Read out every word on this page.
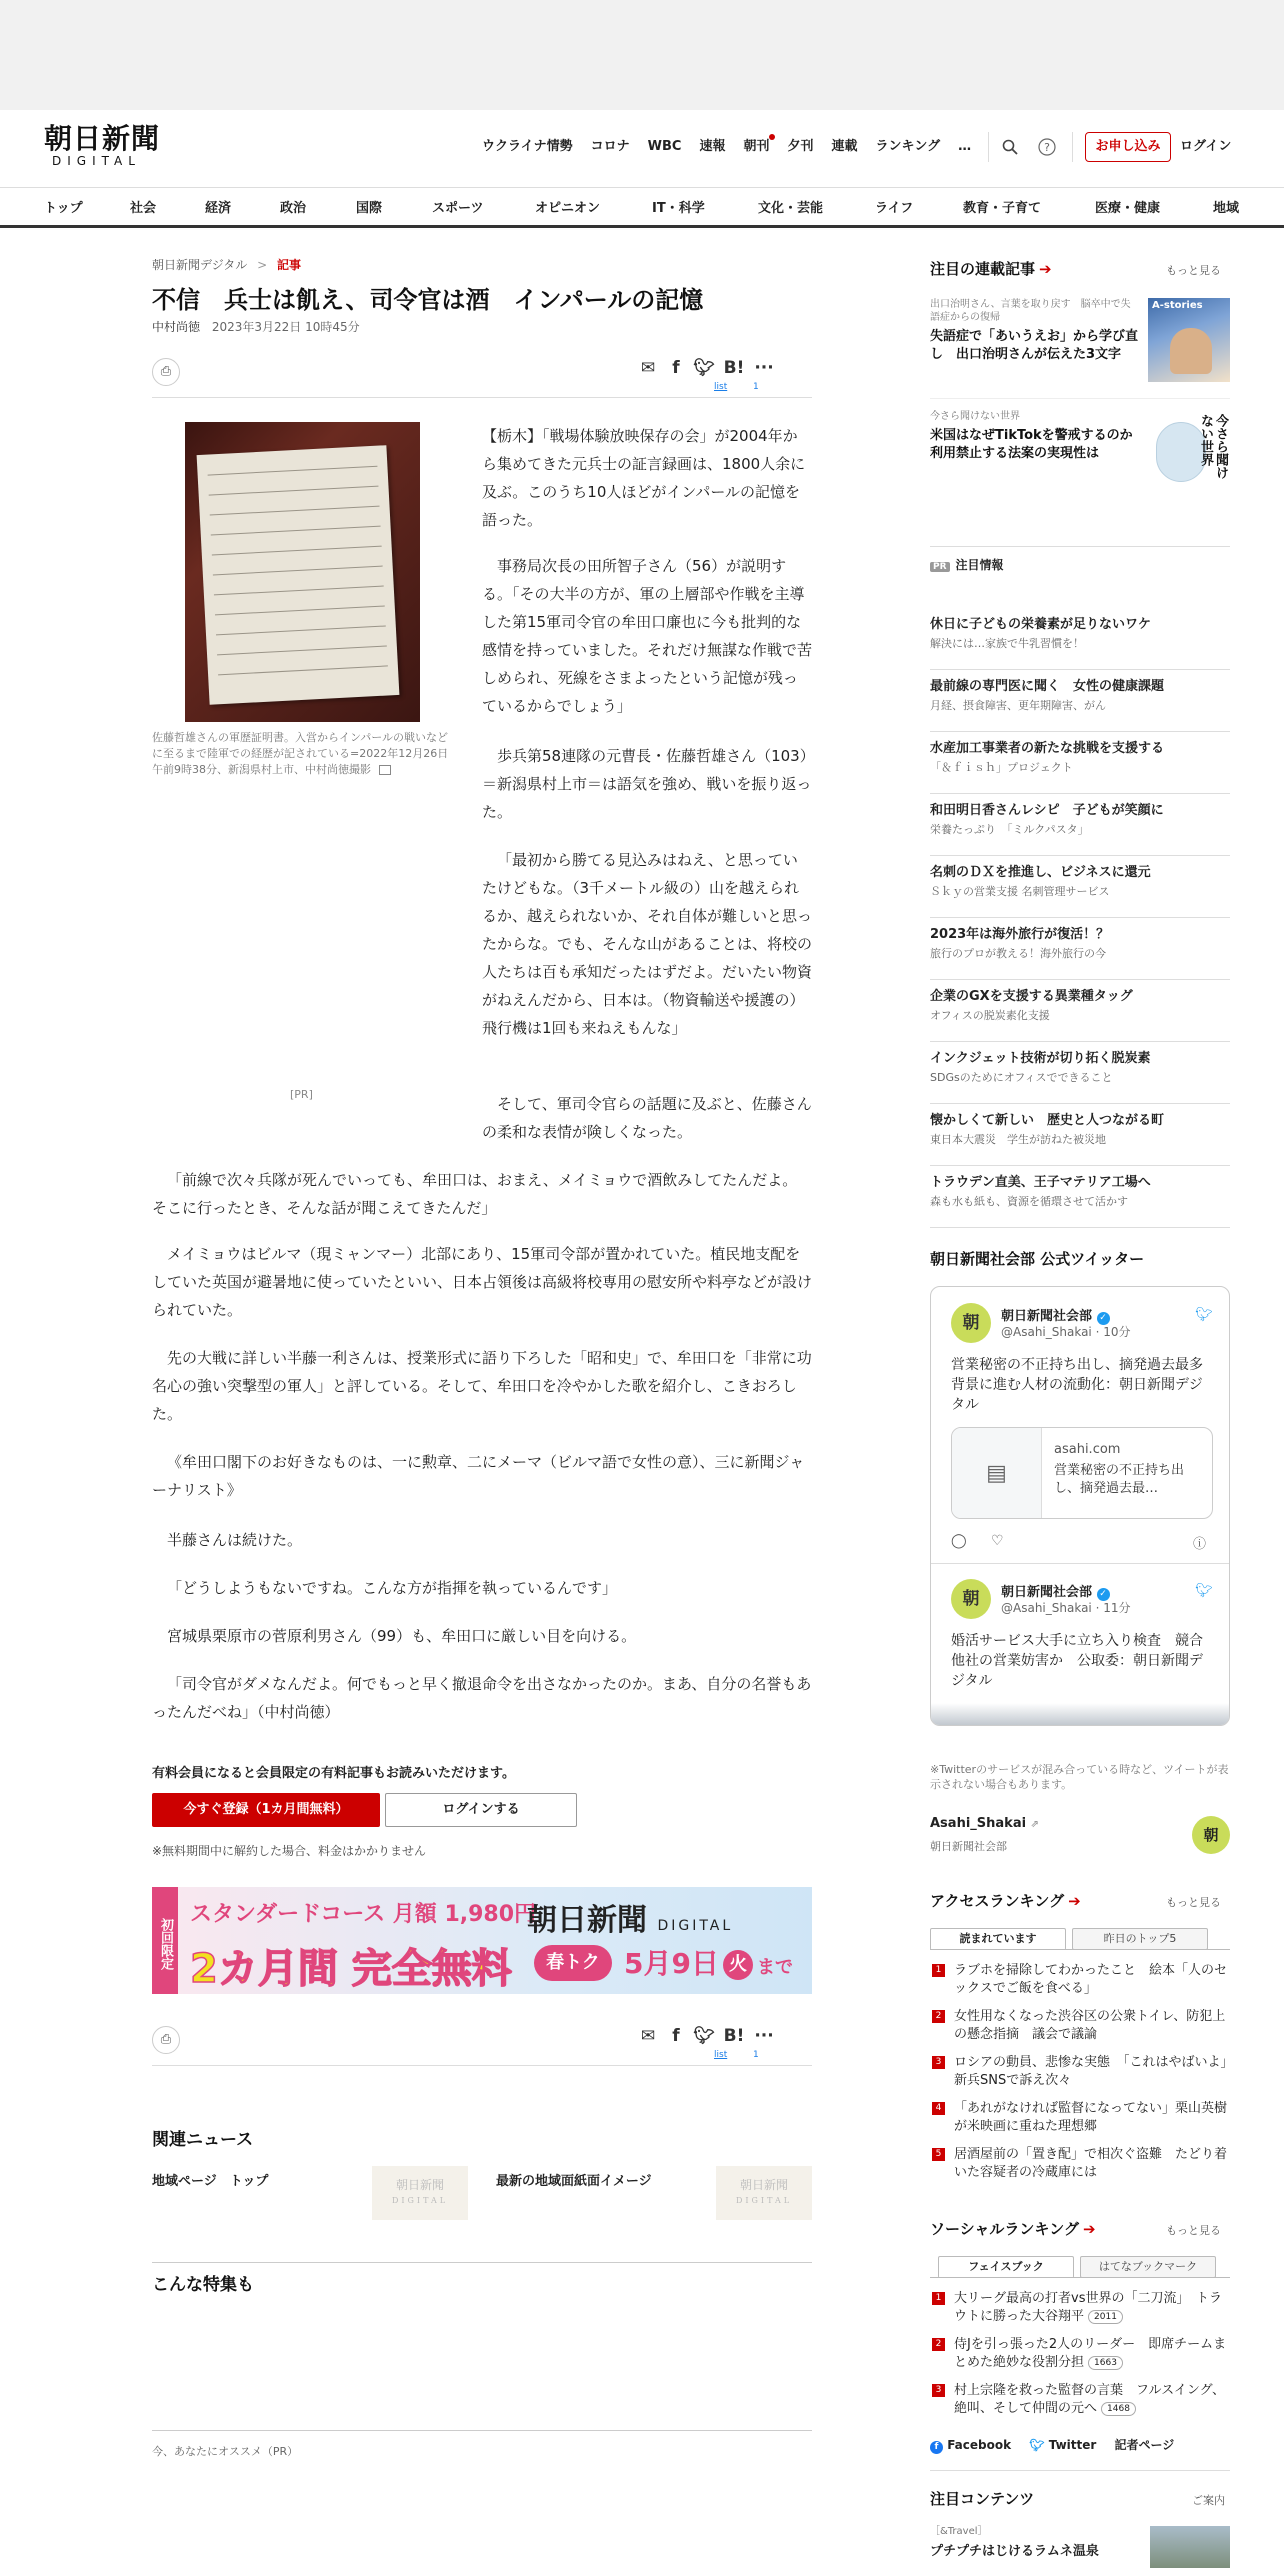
朝日新聞
DIGITAL
ウクライナ情勢 コロナ WBC 速報 朝刊 夕刊 連載 ランキング …	?	お申し込み	ログイン
トップ	社会	経済	政治	国際	スポーツ	オピニオン	IT・科学	文化・芸能	ライフ	教育・子育て	医療・健康	地域
朝日新聞デジタル > 記事
不信　兵士は飢え、司令官は酒　インパールの記憶
中村尚徳 2023年3月22日 10時45分
⎙	✉	f 🐦︎ B! ···
list	1
佐藤哲雄さんの軍歴証明書。入営からインパールの戦いなどに至るまで陸軍での経歴が記されている=2022年12月26日午前9時38分、新潟県村上市、中村尚徳撮影
[PR]

【栃木】「戦場体験放映保存の会」が2004年から集めてきた元兵士の証言録画は、1800人余に及ぶ。このうち10人ほどがインパールの記憶を語った。

事務局次長の田所智子さん（56）が説明する。「その大半の方が、軍の上層部や作戦を主導した第15軍司令官の牟田口廉也に今も批判的な感情を持っていました。それだけ無謀な作戦で苦しめられ、死線をさまよったという記憶が残っているからでしょう」

歩兵第58連隊の元曹長・佐藤哲雄さん（103）＝新潟県村上市＝は語気を強め、戦いを振り返った。

「最初から勝てる見込みはねえ、と思っていたけどもな。（3千メートル級の）山を越えられるか、越えられないか、それ自体が難しいと思ったからな。でも、そんな山があることは、将校の人たちは百も承知だったはずだよ。だいたい物資がねえんだから、日本は。（物資輸送や援護の）飛行機は1回も来ねえもんな」

そして、軍司令官らの話題に及ぶと、佐藤さんの柔和な表情が険しくなった。

「前線で次々兵隊が死んでいっても、牟田口は、おまえ、メイミョウで酒飲みしてたんだよ。そこに行ったとき、そんな話が聞こえてきたんだ」

メイミョウはビルマ（現ミャンマー）北部にあり、15軍司令部が置かれていた。植民地支配をしていた英国が避暑地に使っていたといい、日本占領後は高級将校専用の慰安所や料亭などが設けられていた。

先の大戦に詳しい半藤一利さんは、授業形式に語り下ろした「昭和史」で、牟田口を「非常に功名心の強い突撃型の軍人」と評している。そして、牟田口を冷やかした歌を紹介し、こきおろした。

《牟田口閣下のお好きなものは、一に勲章、二にメーマ（ビルマ語で女性の意）、三に新聞ジャーナリスト》

半藤さんは続けた。

「どうしようもないですね。こんな方が指揮を執っているんです」

宮城県栗原市の菅原利男さん（99）も、牟田口に厳しい目を向ける。

「司令官がダメなんだよ。何でもっと早く撤退命令を出さなかったのか。まあ、自分の名誉もあったんだべね」（中村尚徳）

有料会員になると会員限定の有料記事もお読みいただけます。
今すぐ登録（1カ月間無料）	ログインする
※無料期間中に解約した場合、料金はかかりません
初回限定
スタンダードコース 月額 1,980円
朝日新聞 DIGITAL
2カ月間 完全無料	春トク 5月9日 火 まで
⎙	✉	f 🐦︎ B! ···
list	1
関連ニュース
地域ページ　トップ	朝日新聞
DIGITAL
最新の地域面紙面イメージ	朝日新聞
DIGITAL
こんな特集も
今、あなたにオススメ（PR）
注目の連載記事 ➔	もっと見る
出口治明さん、言葉を取り戻す　脳卒中で失語症からの復帰
失語症で「あいうえお」から学び直し　出口治明さんが伝えた3文字
A-stories
今さら聞けない世界
米国はなぜTikTokを警戒するのか　利用禁止する法案の実現性は	今さら聞けない世界
PR 注目情報
休日に子どもの栄養素が足りないワケ
解決には…家族で牛乳習慣を！
最前線の専門医に聞く　女性の健康課題
月経、摂食障害、更年期障害、がん
水産加工事業者の新たな挑戦を支援する
「＆ｆｉｓｈ」プロジェクト
和田明日香さんレシピ　子どもが笑顔に
栄養たっぷり　「ミルクパスタ」
名刺のＤＸを推進し、ビジネスに還元
Ｓｋｙの営業支援 名刺管理サービス
2023年は海外旅行が復活！？
旅行のプロが教える！海外旅行の今
企業のGXを支援する異業種タッグ
オフィスの脱炭素化支援
インクジェット技術が切り拓く脱炭素
SDGsのためにオフィスでできること
懐かしくて新しい　歴史と人つながる町
東日本大震災　学生が訪ねた被災地
トラウデン直美、王子マテリア工場へ
森も水も紙も、資源を循環させて活かす
朝日新聞社会部 公式ツイッター
朝	朝日新聞社会部 ✓
@Asahi_Shakai · 10分
🐦︎
営業秘密の不正持ち出し、摘発過去最多　背景に進む人材の流動化：朝日新聞デジタル
▤
asahi.com
営業秘密の不正持ち出し、摘発過去最…
◯ ♡	ⓘ
朝	朝日新聞社会部 ✓
@Asahi_Shakai · 11分
🐦︎
婚活サービス大手に立ち入り検査　競合他社の営業妨害か　公取委：朝日新聞デジタル
※Twitterのサービスが混み合っている時など、ツイートが表示されない場合もあります。
Asahi_Shakai ⇗
朝日新聞社会部
朝
アクセスランキング ➔	もっと見る
読まれています	昨日のトップ5
1 ラブホを掃除してわかったこと　絵本「人のセックスでご飯を食べる」
2 女性用なくなった渋谷区の公衆トイレ、防犯上の懸念指摘　議会で議論
3 ロシアの動員、悲惨な実態　「これはやばいよ」新兵SNSで訴え次々
4 「あれがなければ監督になってない」栗山英樹が米映画に重ねた理想郷
5 居酒屋前の「置き配」で相次ぐ盗難　たどり着いた容疑者の冷蔵庫には
ソーシャルランキング ➔	もっと見る
フェイスブック	はてなブックマーク
1 大リーグ最高の打者vs世界の「二刀流」　トラウトに勝った大谷翔平 2011
2 侍Jを引っ張った2人のリーダー　即席チームまとめた絶妙な役割分担 1663
3 村上宗隆を救った監督の言葉　フルスイング、絶叫、そして仲間の元へ 1468
f Facebook 🐦︎ Twitter 記者ページ
注目コンテンツ	ご案内
［&Travel］
プチプチはじけるラムネ温泉
